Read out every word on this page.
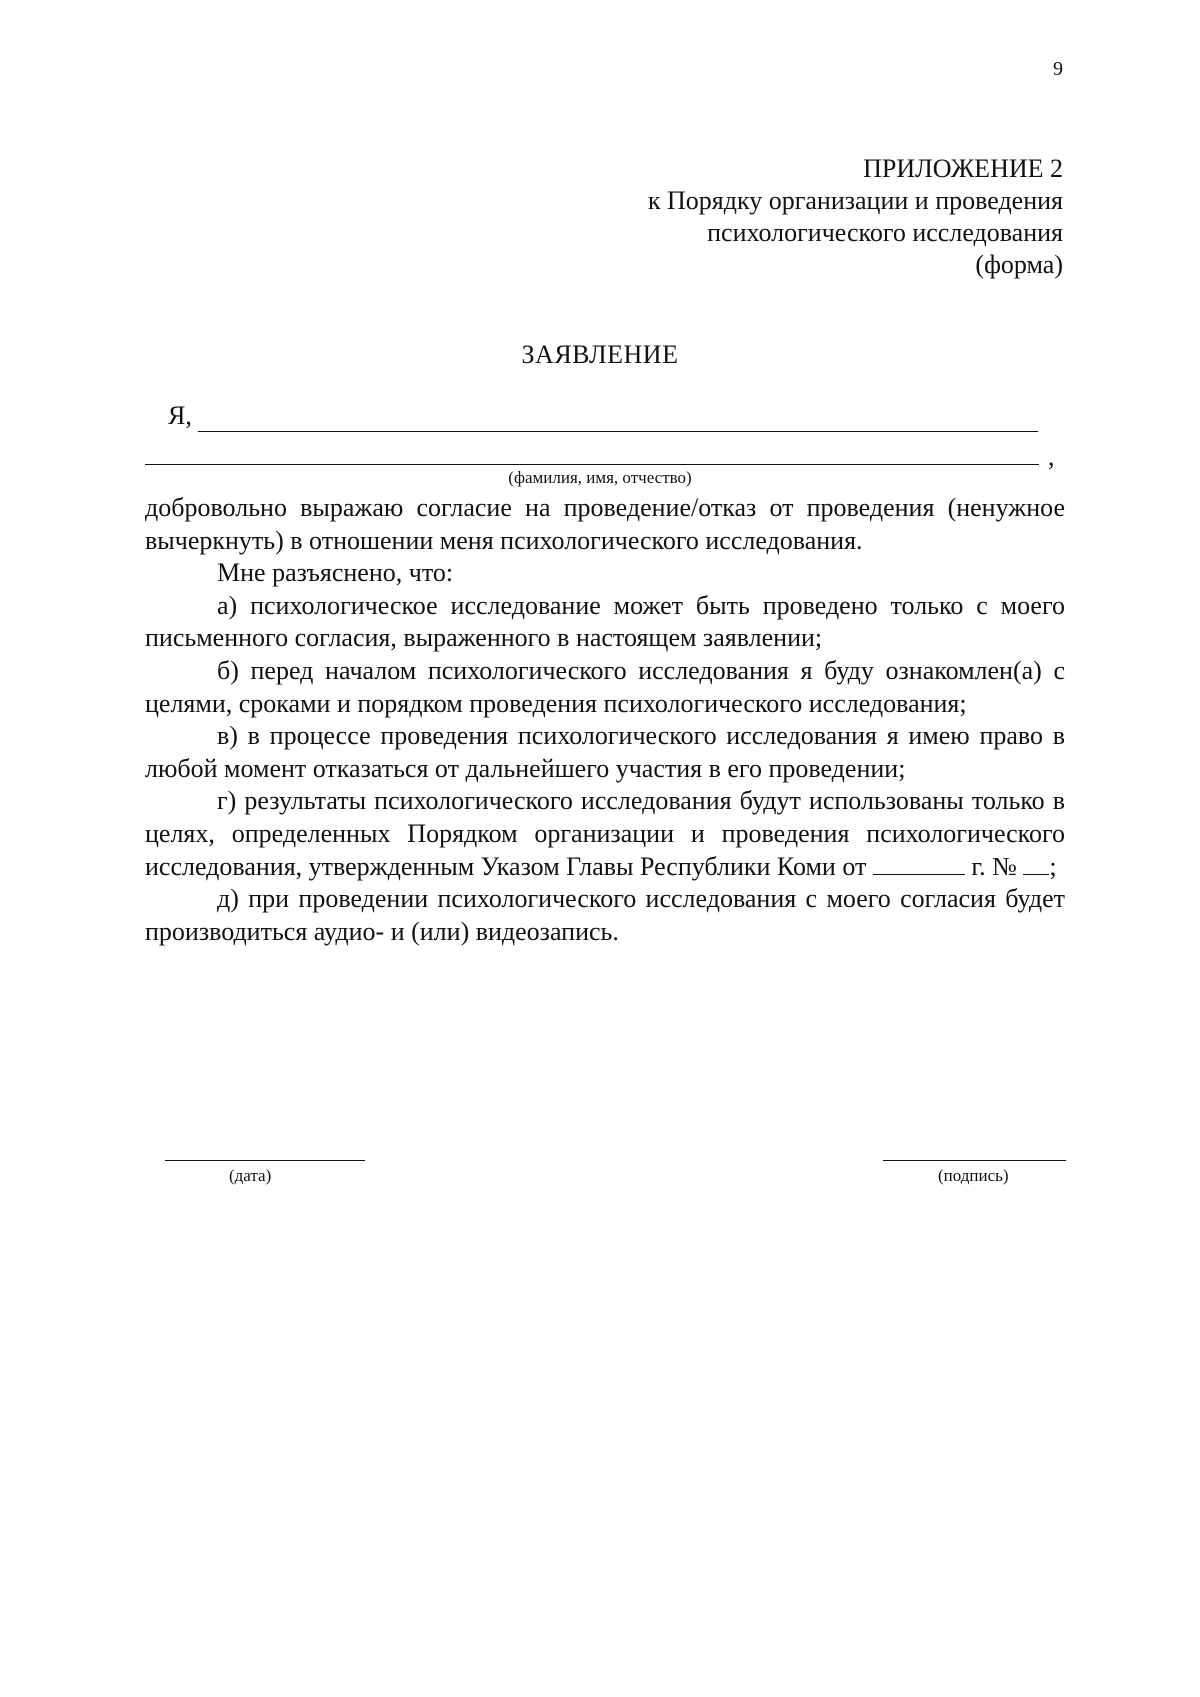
9
ПРИЛОЖЕНИЕ 2
к Порядку организации и проведения
психологического исследования
(форма)
ЗАЯВЛЕНИЕ
Я,
,
(фамилия, имя, отчество)

добровольно выражаю согласие на проведение/отказ от проведения (ненужное вычеркнуть) в отношении меня психологического исследования.

Мне разъяснено, что:

а) психологическое исследование может быть проведено только с моего письменного согласия, выраженного в настоящем заявлении;

б) перед началом психологического исследования я буду ознакомлен(а) с целями, сроками и порядком проведения психологического исследования;

в) в процессе проведения психологического исследования я имею право в любой момент отказаться от дальнейшего участия в его проведении;

г) результаты психологического исследования будут использованы только в целях, определенных Порядком организации и проведения психологического исследования, утвержденным Указом Главы Республики Коми от	г. № ;

д) при проведении психологического исследования с моего согласия будет производиться аудио- и (или) видеозапись.

(дата)	(подпись)
